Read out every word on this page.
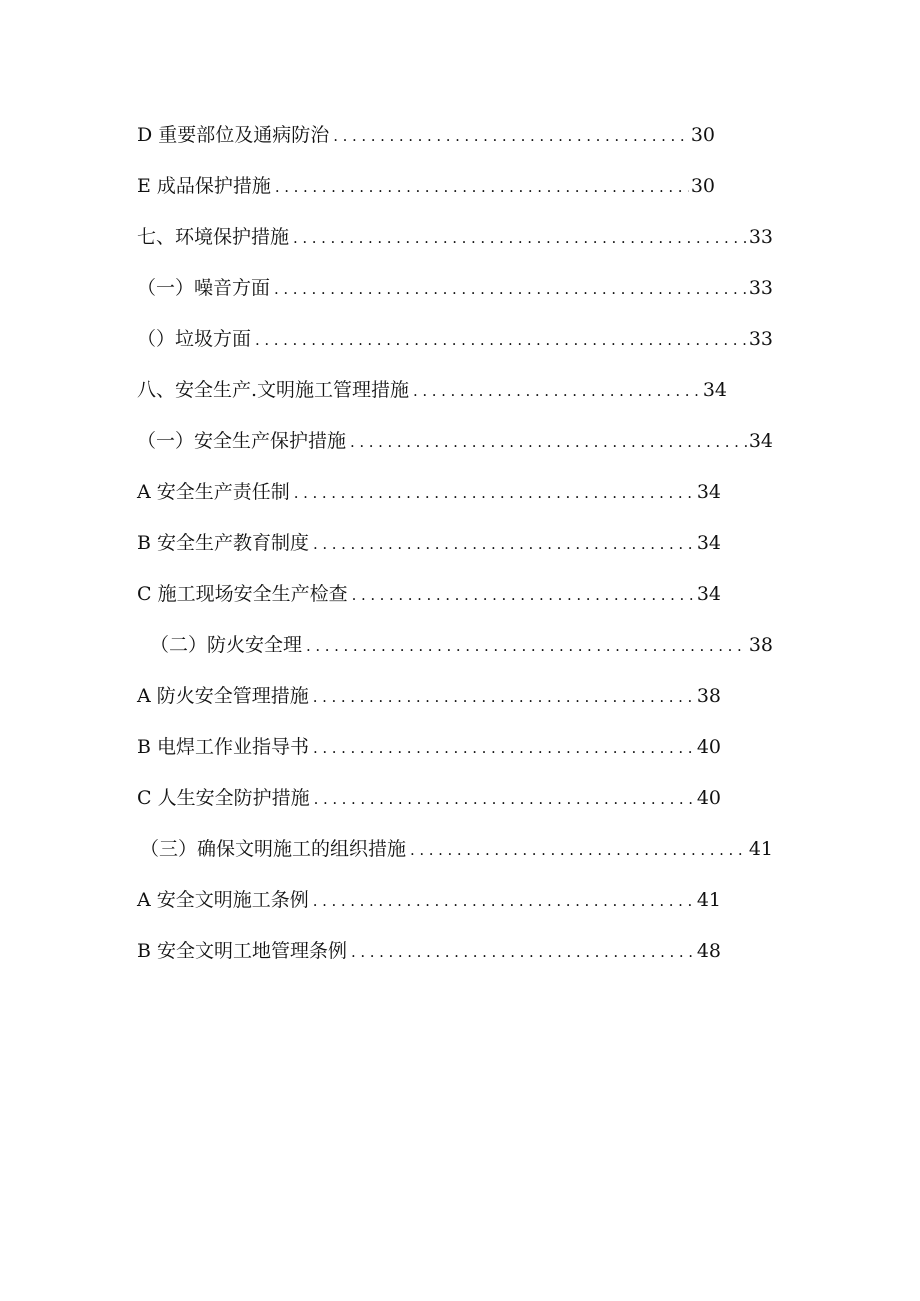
D 重要部位及通病防治 .....	30
E 成品保护措施 .....	30
七、环境保护措施 .....	33
（一）噪音方面 .....	33
（）垃圾方面 .....	33
八、安全生产.文明施工管理措施 .....	34
（一）安全生产保护措施 .....	34
A 安全生产责任制 .....	34
B 安全生产教育制度 .....	34
C 施工现场安全生产检查 .....	34
（二）防火安全理 .....	38
A 防火安全管理措施 .....	38
B 电焊工作业指导书 .....	40
C 人生安全防护措施 .....	40
（三）确保文明施工的组织措施 .....	41
A 安全文明施工条例 .....	41
B 安全文明工地管理条例 .....	48
